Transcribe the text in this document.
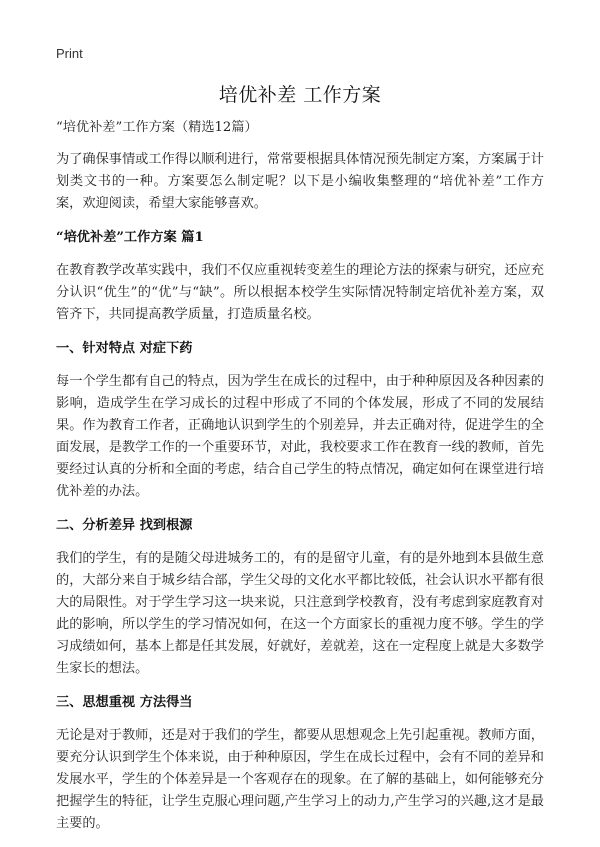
Print
培优补差 工作方案

“培优补差”工作方案（精选12篇）

为了确保事情或工作得以顺利进行，常常要根据具体情况预先制定方案，方案属于计划类文书的一种。方案要怎么制定呢？以下是小编收集整理的“培优补差”工作方案，欢迎阅读，希望大家能够喜欢。

“培优补差”工作方案 篇1

在教育教学改革实践中，我们不仅应重视转变差生的理论方法的探索与研究，还应充分认识“优生”的“优”与“缺”。所以根据本校学生实际情况特制定培优补差方案，双管齐下，共同提高教学质量，打造质量名校。

一、针对特点 对症下药

每一个学生都有自己的特点，因为学生在成长的过程中，由于种种原因及各种因素的影响，造成学生在学习成长的过程中形成了不同的个体发展，形成了不同的发展结果。作为教育工作者，正确地认识到学生的个别差异，并去正确对待，促进学生的全面发展，是教学工作的一个重要环节，对此，我校要求工作在教育一线的教师，首先要经过认真的分析和全面的考虑，结合自己学生的特点情况，确定如何在课堂进行培优补差的办法。

二、分析差异 找到根源

我们的学生，有的是随父母进城务工的，有的是留守儿童，有的是外地到本县做生意的，大部分来自于城乡结合部，学生父母的文化水平都比较低，社会认识水平都有很大的局限性。对于学生学习这一块来说，只注意到学校教育，没有考虑到家庭教育对此的影响，所以学生的学习情况如何，在这一个方面家长的重视力度不够。学生的学习成绩如何，基本上都是任其发展，好就好，差就差，这在一定程度上就是大多数学生家长的想法。

三、思想重视 方法得当

无论是对于教师，还是对于我们的学生，都要从思想观念上先引起重视。教师方面，要充分认识到学生个体来说，由于种种原因，学生在成长过程中，会有不同的差异和发展水平，学生的个体差异是一个客观存在的现象。在了解的基础上，如何能够充分把握学生的特征，让学生克服心理问题,产生学习上的动力,产生学习的兴趣,这才是最主要的。
